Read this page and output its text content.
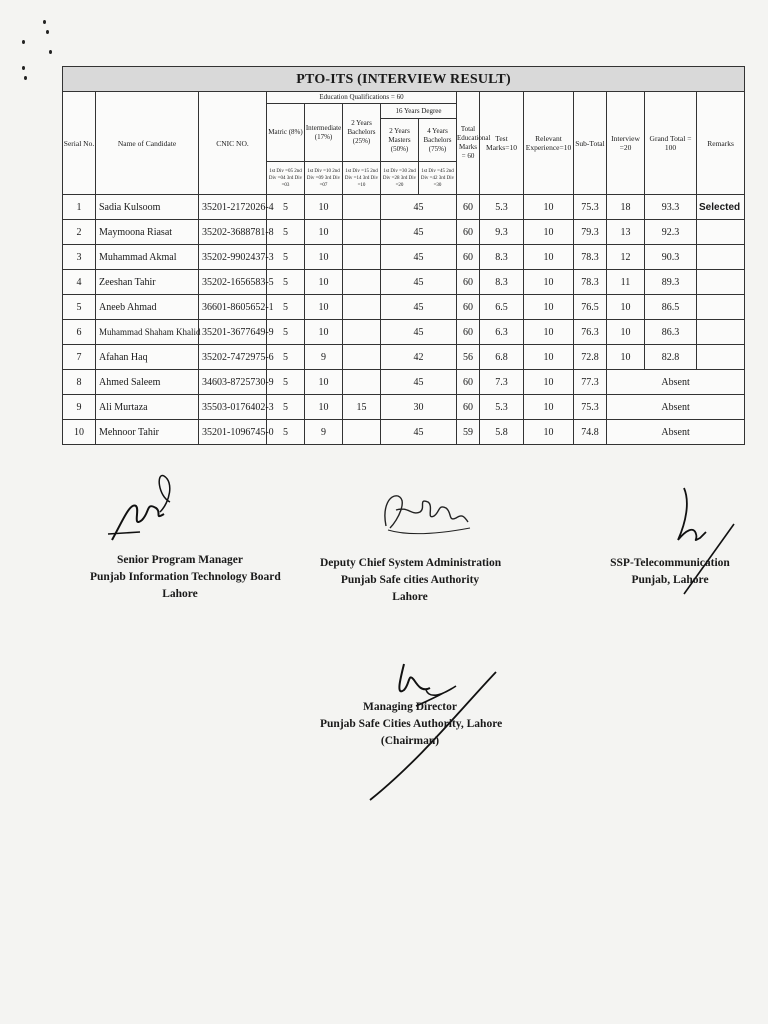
PTO-ITS (INTERVIEW RESULT)														
Serial No.	Name of Candidate	CNIC NO.	Education Qualifications = 60					Total Educational Marks = 60	Test Marks=10	Relevant Experience=10	Sub-Total	Interview =20	Grand Total = 100	Remarks
			Matric (8%)	Intermediate (17%)	2 Years Bachelors (25%)	16 Years Degree								
						2 Years Masters (50%)	4 Years Bachelors (75%)							
			1st Div =05 2nd Div =04 3rd Div =03	1st Div =10 2nd Div =09 3rd Div =07	1st Div =15 2nd Div =14 3rd Div =10	1st Div =30 2nd Div =28 3rd Div =20	1st Div =45 2nd Div =42 3rd Div =30							
1	Sadia Kulsoom	35201-2172026-4	5	10		45		60	5.3	10	75.3	18	93.3	Selected
2	Maymoona Riasat	35202-3688781-8	5	10		45		60	9.3	10	79.3	13	92.3	
3	Muhammad Akmal	35202-9902437-3	5	10		45		60	8.3	10	78.3	12	90.3	
4	Zeeshan Tahir	35202-1656583-5	5	10		45		60	8.3	10	78.3	11	89.3	
5	Aneeb Ahmad	36601-8605652-1	5	10		45		60	6.5	10	76.5	10	86.5	
6	Muhammad Shaham Khalid	35201-3677649-9	5	10		45		60	6.3	10	76.3	10	86.3	
7	Afahan Haq	35202-7472975-6	5	9		42		56	6.8	10	72.8	10	82.8	
8	Ahmed Saleem	34603-8725730-9	5	10		45		60	7.3	10	77.3	Absent		
9	Ali Murtaza	35503-0176402-3	5	10	15	30		60	5.3	10	75.3	Absent		
10	Mehnoor Tahir	35201-1096745-0	5	9		45		59	5.8	10	74.8	Absent		
Senior Program Manager
Punjab Information Technology Board
Lahore
Deputy Chief System Administration
Punjab Safe cities Authority
Lahore
SSP-Telecommunication
Punjab, Lahore
Managing Director
Punjab Safe Cities Authority, Lahore
(Chairman)
